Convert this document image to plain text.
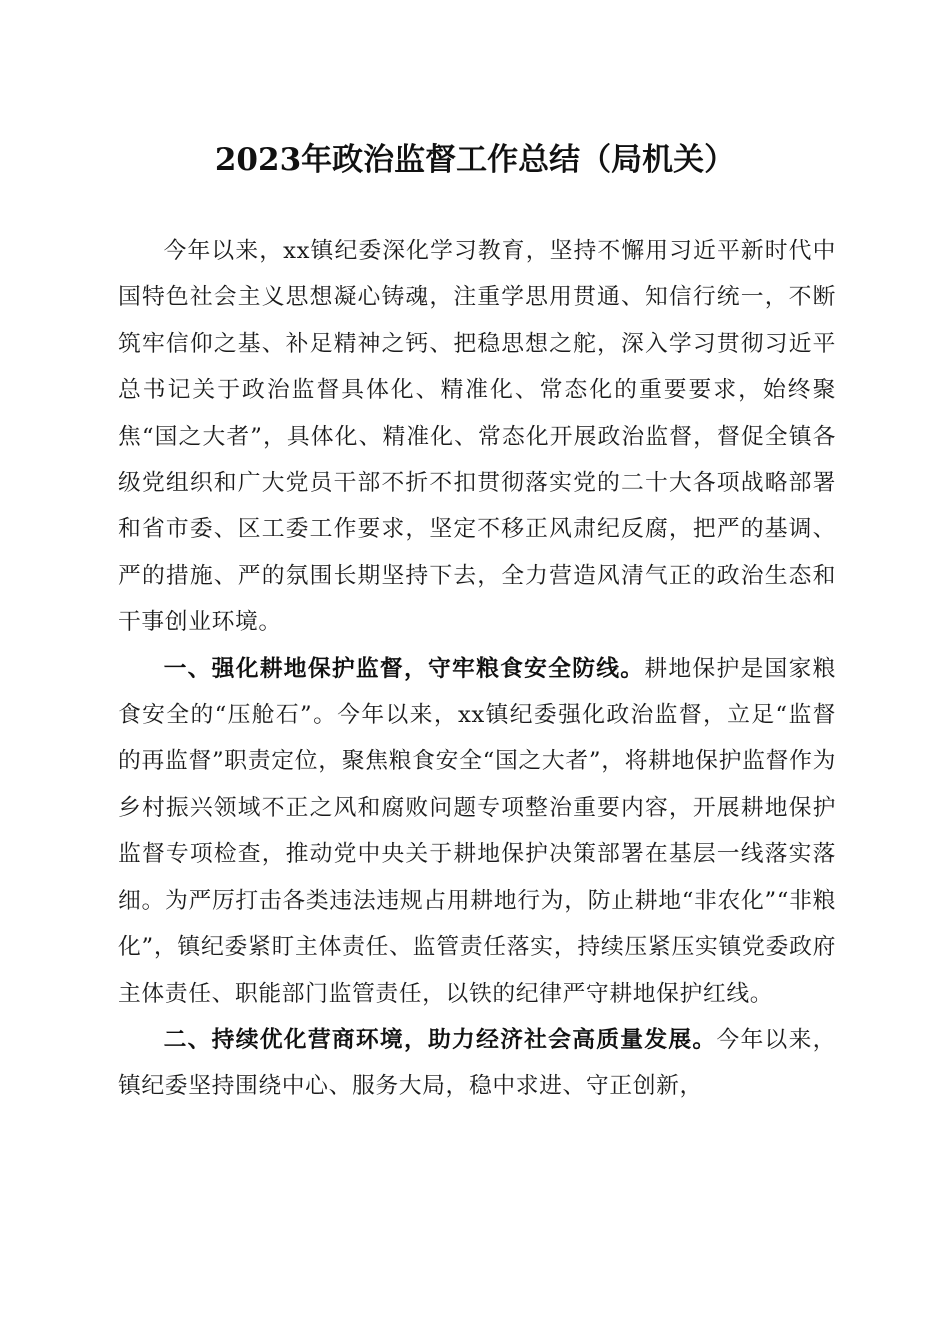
2023年政治监督工作总结（局机关）

今年以来，xx镇纪委深化学习教育，坚持不懈用习近平新时代中国特色社会主义思想凝心铸魂，注重学思用贯通、知信行统一，不断筑牢信仰之基、补足精神之钙、把稳思想之舵，深入学习贯彻习近平总书记关于政治监督具体化、精准化、常态化的重要要求，始终聚焦“国之大者”，具体化、精准化、常态化开展政治监督，督促全镇各级党组织和广大党员干部不折不扣贯彻落实党的二十大各项战略部署和省市委、区工委工作要求，坚定不移正风肃纪反腐，把严的基调、严的措施、严的氛围长期坚持下去，全力营造风清气正的政治生态和干事创业环境。

一、强化耕地保护监督，守牢粮食安全防线。耕地保护是国家粮食安全的“压舱石”。今年以来，xx镇纪委强化政治监督，立足“监督的再监督”职责定位，聚焦粮食安全“国之大者”，将耕地保护监督作为乡村振兴领域不正之风和腐败问题专项整治重要内容，开展耕地保护监督专项检查，推动党中央关于耕地保护决策部署在基层一线落实落细。为严厉打击各类违法违规占用耕地行为，防止耕地“非农化”“非粮化”，镇纪委紧盯主体责任、监管责任落实，持续压紧压实镇党委政府主体责任、职能部门监管责任，以铁的纪律严守耕地保护红线。

二、持续优化营商环境，助力经济社会高质量发展。今年以来，镇纪委坚持围绕中心、服务大局，稳中求进、守正创新，
